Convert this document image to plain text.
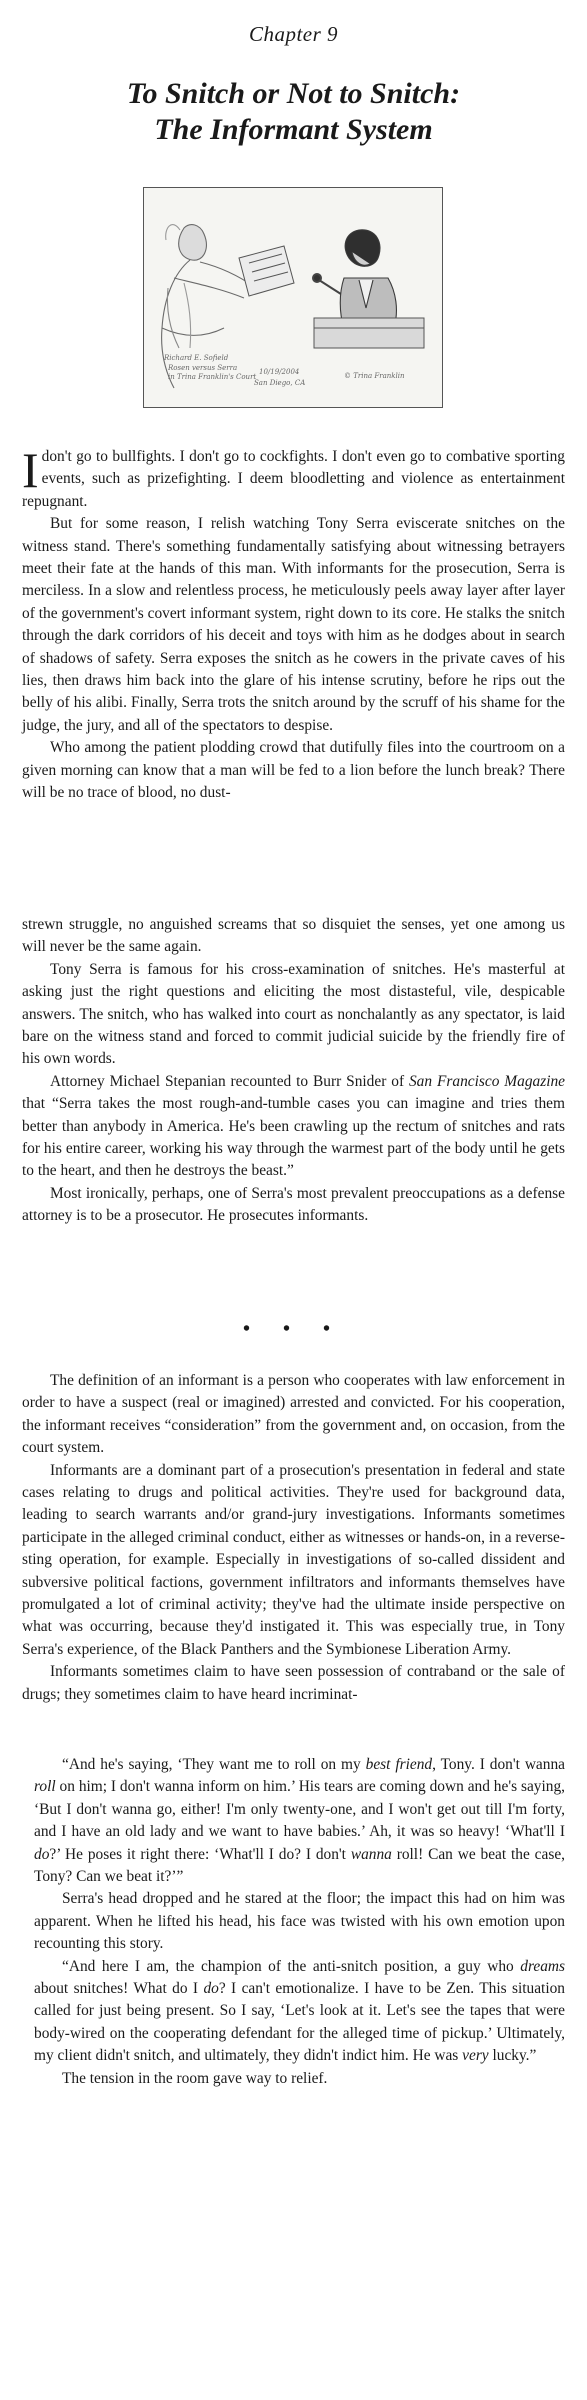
Chapter 9
To Snitch or Not to Snitch:
The Informant System
Richard E. Sofield
Rosen versus Serra
in Trina Franklin's Court
10/19/2004
San Diego, CA
© Trina Franklin

Idon't go to bullfights. I don't go to cockfights. I don't even go to combative sporting events, such as prizefighting. I deem bloodletting and violence as entertainment repugnant.

But for some reason, I relish watching Tony Serra eviscerate snitches on the witness stand. There's something fundamentally satisfying about witnessing betrayers meet their fate at the hands of this man. With informants for the prosecution, Serra is merciless. In a slow and relentless process, he meticulously peels away layer after layer of the government's covert informant system, right down to its core. He stalks the snitch through the dark corridors of his deceit and toys with him as he dodges about in search of shadows of safety. Serra exposes the snitch as he cowers in the private caves of his lies, then draws him back into the glare of his intense scrutiny, before he rips out the belly of his alibi. Finally, Serra trots the snitch around by the scruff of his shame for the judge, the jury, and all of the spectators to despise.

Who among the patient plodding crowd that dutifully files into the courtroom on a given morning can know that a man will be fed to a lion before the lunch break? There will be no trace of blood, no dust-

strewn struggle, no anguished screams that so disquiet the senses, yet one among us will never be the same again.

Tony Serra is famous for his cross-examination of snitches. He's masterful at asking just the right questions and eliciting the most distasteful, vile, despicable answers. The snitch, who has walked into court as nonchalantly as any spectator, is laid bare on the witness stand and forced to commit judicial suicide by the friendly fire of his own words.

Attorney Michael Stepanian recounted to Burr Snider of San Francisco Magazine that “Serra takes the most rough-and-tumble cases you can imagine and tries them better than anybody in America. He's been crawling up the rectum of snitches and rats for his entire career, working his way through the warmest part of the body until he gets to the heart, and then he destroys the beast.”

Most ironically, perhaps, one of Serra's most prevalent preoccupations as a defense attorney is to be a prosecutor. He prosecutes informants.

• • •

The definition of an informant is a person who cooperates with law enforcement in order to have a suspect (real or imagined) arrested and convicted. For his cooperation, the informant receives “consideration” from the government and, on occasion, from the court system.

Informants are a dominant part of a prosecution's presentation in federal and state cases relating to drugs and political activities. They're used for background data, leading to search warrants and/or grand-jury investigations. Informants sometimes participate in the alleged criminal conduct, either as witnesses or hands-on, in a reverse-sting operation, for example. Especially in investigations of so-called dissident and subversive political factions, government infiltrators and informants themselves have promulgated a lot of criminal activity; they've had the ultimate inside perspective on what was occurring, because they'd instigated it. This was especially true, in Tony Serra's experience, of the Black Panthers and the Symbionese Liberation Army.

Informants sometimes claim to have seen possession of contraband or the sale of drugs; they sometimes claim to have heard incriminat-

“And he's saying, ‘They want me to roll on my best friend, Tony. I don't wanna roll on him; I don't wanna inform on him.’ His tears are coming down and he's saying, ‘But I don't wanna go, either! I'm only twenty-one, and I won't get out till I'm forty, and I have an old lady and we want to have babies.’ Ah, it was so heavy! ‘What'll I do?’ He poses it right there: ‘What'll I do? I don't wanna roll! Can we beat the case, Tony? Can we beat it?’”

Serra's head dropped and he stared at the floor; the impact this had on him was apparent. When he lifted his head, his face was twisted with his own emotion upon recounting this story.

“And here I am, the champion of the anti-snitch position, a guy who dreams about snitches! What do I do? I can't emotionalize. I have to be Zen. This situation called for just being present. So I say, ‘Let's look at it. Let's see the tapes that were body-wired on the cooperating defendant for the alleged time of pickup.’ Ultimately, my client didn't snitch, and ultimately, they didn't indict him. He was very lucky.”

The tension in the room gave way to relief.
